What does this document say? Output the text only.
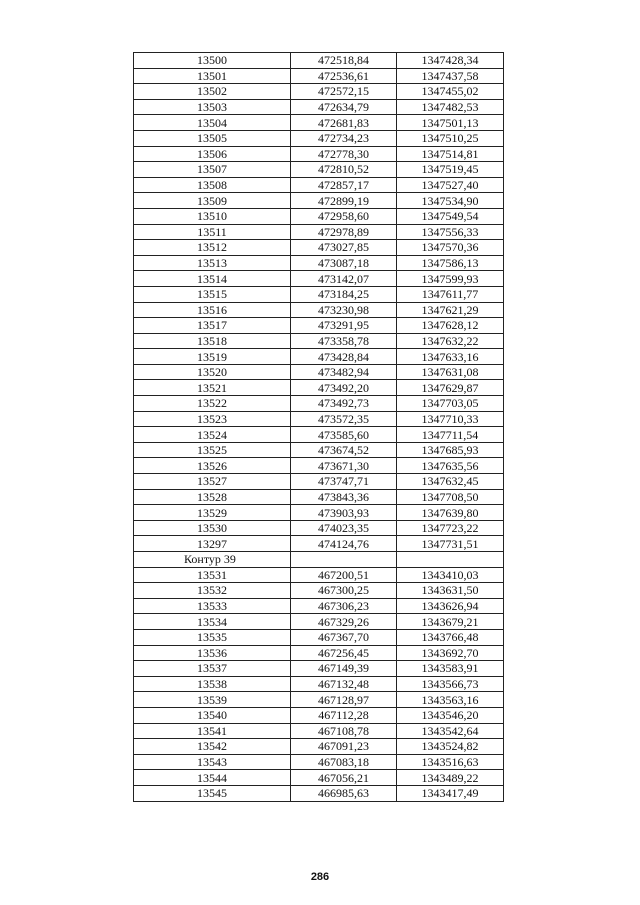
13500	472518,84	1347428,34
13501	472536,61	1347437,58
13502	472572,15	1347455,02
13503	472634,79	1347482,53
13504	472681,83	1347501,13
13505	472734,23	1347510,25
13506	472778,30	1347514,81
13507	472810,52	1347519,45
13508	472857,17	1347527,40
13509	472899,19	1347534,90
13510	472958,60	1347549,54
13511	472978,89	1347556,33
13512	473027,85	1347570,36
13513	473087,18	1347586,13
13514	473142,07	1347599,93
13515	473184,25	1347611,77
13516	473230,98	1347621,29
13517	473291,95	1347628,12
13518	473358,78	1347632,22
13519	473428,84	1347633,16
13520	473482,94	1347631,08
13521	473492,20	1347629,87
13522	473492,73	1347703,05
13523	473572,35	1347710,33
13524	473585,60	1347711,54
13525	473674,52	1347685,93
13526	473671,30	1347635,56
13527	473747,71	1347632,45
13528	473843,36	1347708,50
13529	473903,93	1347639,80
13530	474023,35	1347723,22
13297	474124,76	1347731,51
Контур 39		
13531	467200,51	1343410,03
13532	467300,25	1343631,50
13533	467306,23	1343626,94
13534	467329,26	1343679,21
13535	467367,70	1343766,48
13536	467256,45	1343692,70
13537	467149,39	1343583,91
13538	467132,48	1343566,73
13539	467128,97	1343563,16
13540	467112,28	1343546,20
13541	467108,78	1343542,64
13542	467091,23	1343524,82
13543	467083,18	1343516,63
13544	467056,21	1343489,22
13545	466985,63	1343417,49
286
